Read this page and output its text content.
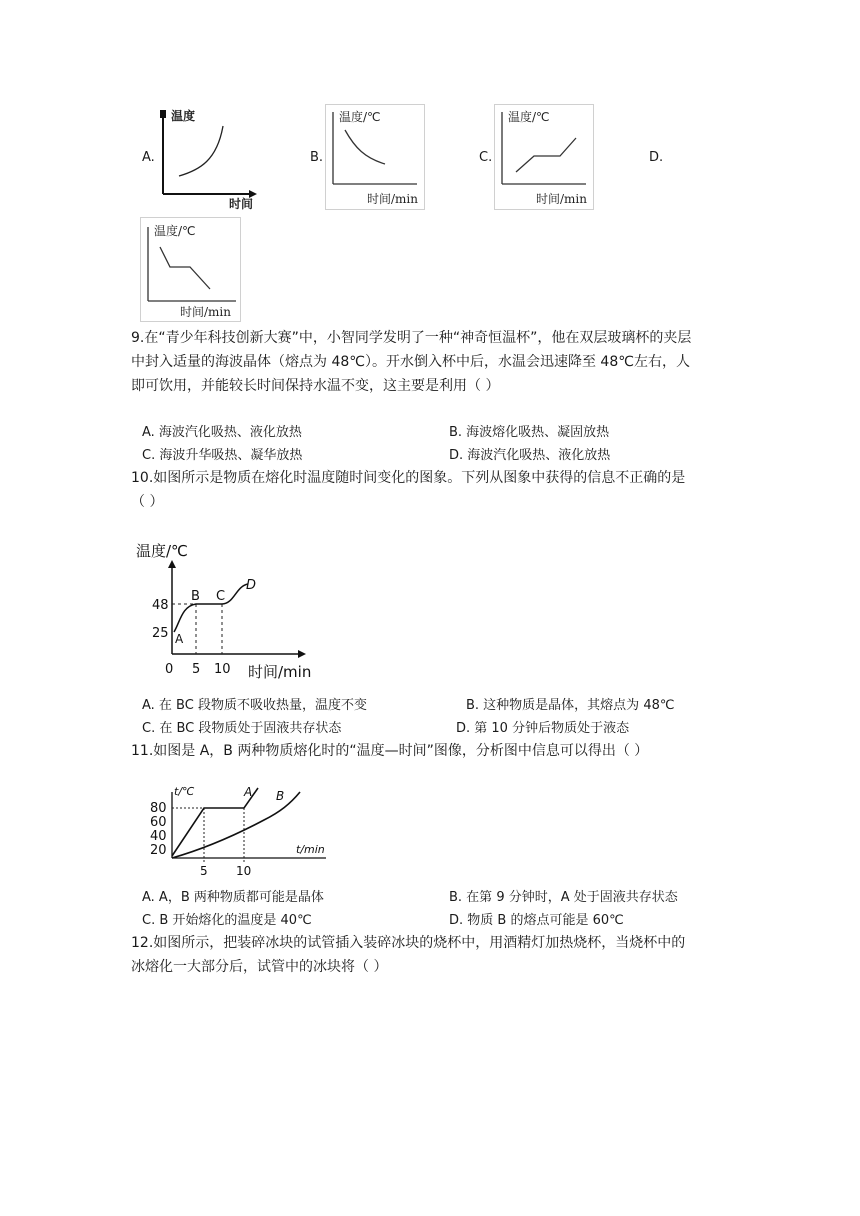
A.	B.	C.	D.
温度
时间
温度/℃
时间/min
温度/℃
时间/min
温度/℃
时间/min
9.在“青少年科技创新大赛”中，小智同学发明了一种“神奇恒温杯”，他在双层玻璃杯的夹层
中封入适量的海波晶体（熔点为 48℃）。开水倒入杯中后，水温会迅速降至 48℃左右，人
即可饮用，并能较长时间保持水温不变，这主要是利用（ ）
A. 海波汽化吸热、液化放热	B. 海波熔化吸热、凝固放热
C. 海波升华吸热、凝华放热	D. 海波汽化吸热、液化放热
10.如图所示是物质在熔化时温度随时间变化的图象。下列从图象中获得的信息不正确的是
（ ）
温度/℃
时间/min
48
25
0 5 10
A
B C
D
A. 在 BC 段物质不吸收热量，温度不变	B. 这种物质是晶体，其熔点为 48℃
C. 在 BC 段物质处于固液共存状态	D. 第 10 分钟后物质处于液态
11.如图是 A，B 两种物质熔化时的“温度—时间”图像，分析图中信息可以得出（ ）
t/℃
t/min
80
60
40
20
5 10
A B
A. A，B 两种物质都可能是晶体	B. 在第 9 分钟时，A 处于固液共存状态
C. B 开始熔化的温度是 40℃	D. 物质 B 的熔点可能是 60℃
12.如图所示，把装碎冰块的试管插入装碎冰块的烧杯中，用酒精灯加热烧杯，当烧杯中的
冰熔化一大部分后，试管中的冰块将（ ）
